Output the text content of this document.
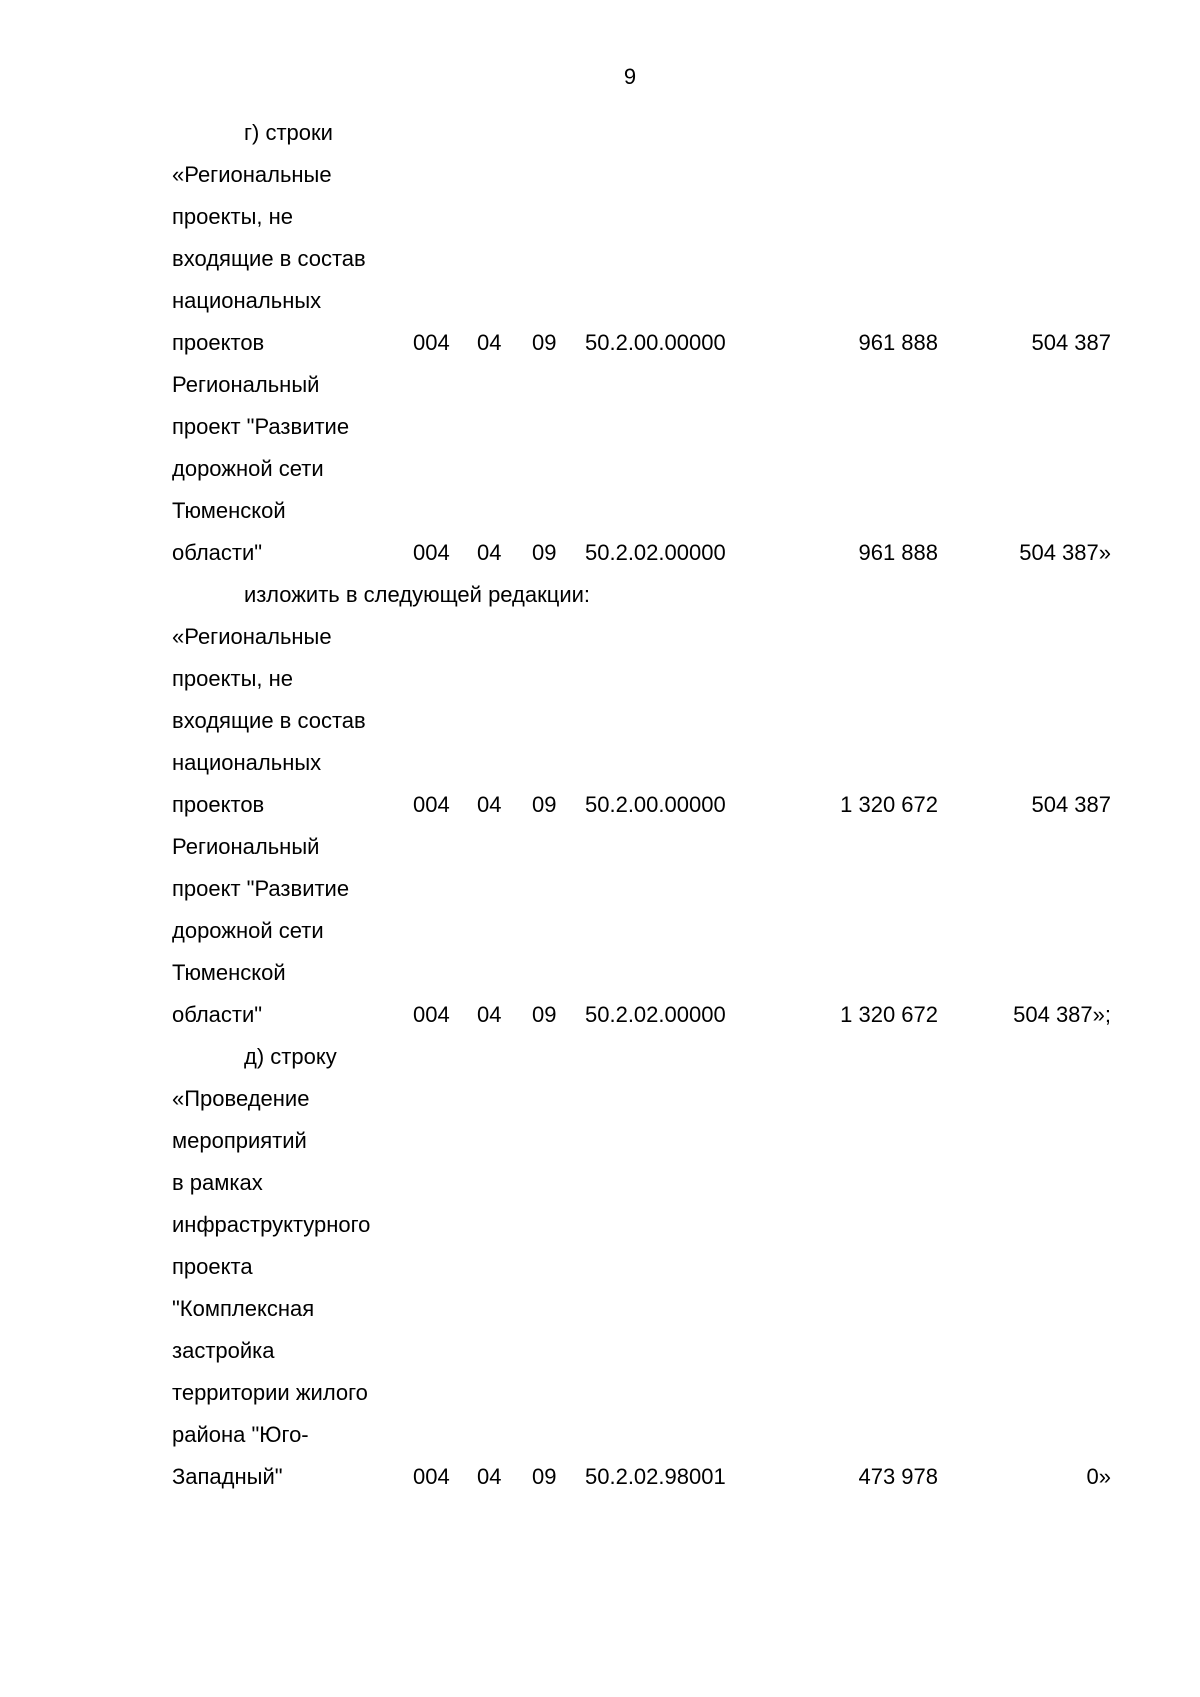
9
г) строки
«Региональные
проекты, не
входящие в состав
национальных
проектов	004 04 09 50.2.00.00000	961 888	504 387
Региональный
проект "Развитие
дорожной сети
Тюменской
области"	004 04 09 50.2.02.00000	961 888	504 387»
изложить в следующей редакции:
«Региональные
проекты, не
входящие в состав
национальных
проектов	004 04 09 50.2.00.00000	1 320 672	504 387
Региональный
проект "Развитие
дорожной сети
Тюменской
области"	004 04 09 50.2.02.00000	1 320 672	504 387»;
д) строку
«Проведение
мероприятий
в рамках
инфраструктурного
проекта
"Комплексная
застройка
территории жилого
района "Юго-
Западный"	004 04 09 50.2.02.98001	473 978	0»
